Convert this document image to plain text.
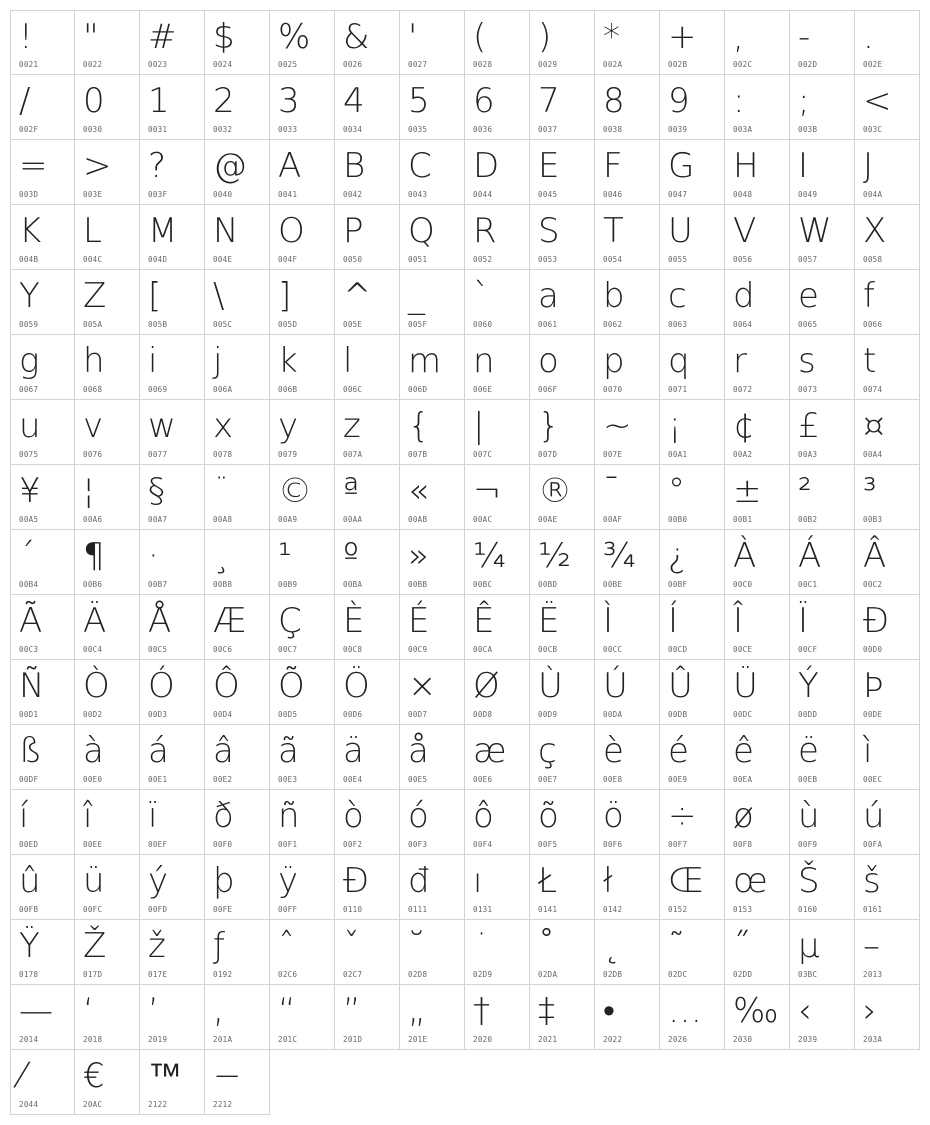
!
0021
"
0022
#
0023
$
0024
%
0025
&
0026
'
0027
(
0028
)
0029
*
002A
+
002B
,
002C
-
002D
.
002E
/
002F
0
0030
1
0031
2
0032
3
0033
4
0034
5
0035
6
0036
7
0037
8
0038
9
0039
:
003A
;
003B
<
003C
=
003D
>
003E
?
003F
@
0040
A
0041
B
0042
C
0043
D
0044
E
0045
F
0046
G
0047
H
0048
I
0049
J
004A
K
004B
L
004C
M
004D
N
004E
O
004F
P
0050
Q
0051
R
0052
S
0053
T
0054
U
0055
V
0056
W
0057
X
0058
Y
0059
Z
005A
[
005B
\
005C
]
005D
^
005E
_
005F
`
0060
a
0061
b
0062
c
0063
d
0064
e
0065
f
0066
g
0067
h
0068
i
0069
j
006A
k
006B
l
006C
m
006D
n
006E
o
006F
p
0070
q
0071
r
0072
s
0073
t
0074
u
0075
v
0076
w
0077
x
0078
y
0079
z
007A
{
007B
|
007C
}
007D
~
007E
¡
00A1
¢
00A2
£
00A3
¤
00A4
¥
00A5
¦
00A6
§
00A7
¨
00A8
©
00A9
ª
00AA
«
00AB
¬
00AC
®
00AE
¯
00AF
°
00B0
±
00B1
²
00B2
³
00B3
´
00B4
¶
00B6
·
00B7
¸
00B8
¹
00B9
º
00BA
»
00BB
¼
00BC
½
00BD
¾
00BE
¿
00BF
À
00C0
Á
00C1
Â
00C2
Ã
00C3
Ä
00C4
Å
00C5
Æ
00C6
Ç
00C7
È
00C8
É
00C9
Ê
00CA
Ë
00CB
Ì
00CC
Í
00CD
Î
00CE
Ï
00CF
Ð
00D0
Ñ
00D1
Ò
00D2
Ó
00D3
Ô
00D4
Õ
00D5
Ö
00D6
×
00D7
Ø
00D8
Ù
00D9
Ú
00DA
Û
00DB
Ü
00DC
Ý
00DD
Þ
00DE
ß
00DF
à
00E0
á
00E1
â
00E2
ã
00E3
ä
00E4
å
00E5
æ
00E6
ç
00E7
è
00E8
é
00E9
ê
00EA
ë
00EB
ì
00EC
í
00ED
î
00EE
ï
00EF
ð
00F0
ñ
00F1
ò
00F2
ó
00F3
ô
00F4
õ
00F5
ö
00F6
÷
00F7
ø
00F8
ù
00F9
ú
00FA
û
00FB
ü
00FC
ý
00FD
þ
00FE
ÿ
00FF
Đ
0110
đ
0111
ı
0131
Ł
0141
ł
0142
Œ
0152
œ
0153
Š
0160
š
0161
Ÿ
0178
Ž
017D
ž
017E
ƒ
0192
ˆ
02C6
ˇ
02C7
˘
02D8
˙
02D9
˚
02DA
˛
02DB
˜
02DC
˝
02DD
μ
03BC
–
2013
—
2014
‘
2018
’
2019
‚
201A
“
201C
”
201D
„
201E
†
2020
‡
2021
•
2022
…
2026
‰
2030
‹
2039
›
203A
⁄
2044
€
20AC
™
2122
−
2212
